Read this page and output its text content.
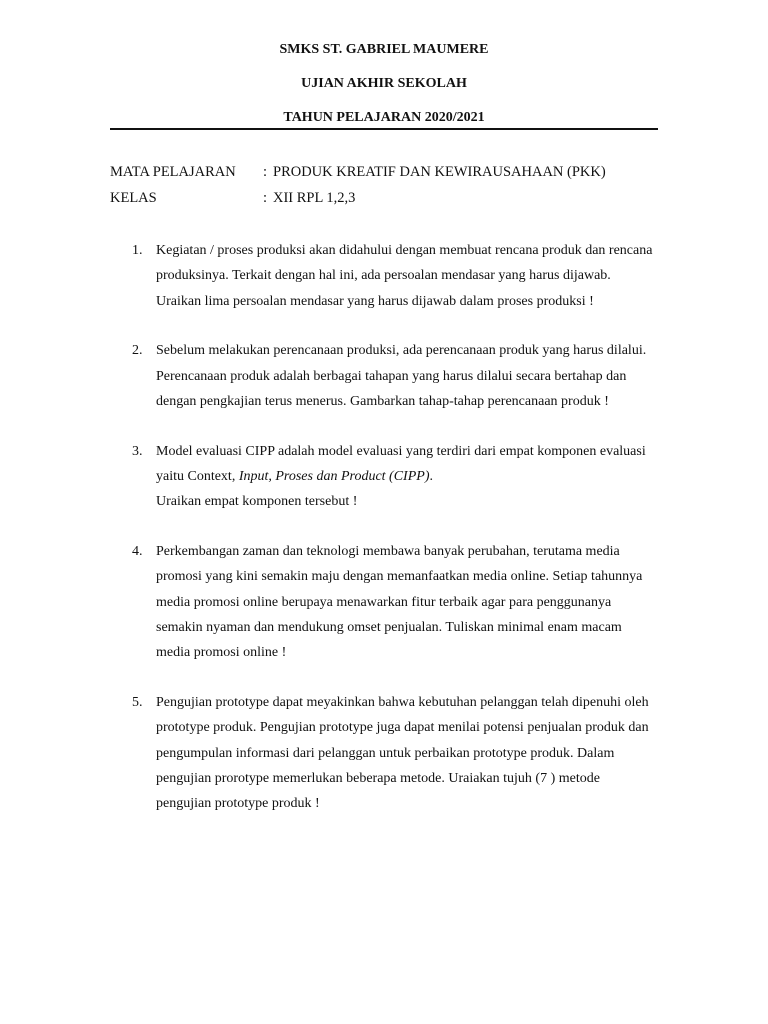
SMKS ST. GABRIEL MAUMERE
UJIAN AKHIR SEKOLAH
TAHUN PELAJARAN 2020/2021
MATA PELAJARAN	: PRODUK KREATIF DAN KEWIRAUSAHAAN (PKK)
KELAS	: XII RPL 1,2,3
1. Kegiatan / proses produksi akan didahului dengan membuat rencana produk dan rencana produksinya. Terkait dengan hal ini, ada persoalan mendasar yang harus dijawab. Uraikan lima persoalan mendasar yang harus dijawab dalam proses produksi !

2. Sebelum melakukan perencanaan produksi, ada perencanaan produk yang harus dilalui. Perencanaan produk adalah berbagai tahapan yang harus dilalui secara bertahap dan dengan pengkajian terus menerus. Gambarkan tahap-tahap perencanaan produk !

3. Model evaluasi CIPP adalah model evaluasi yang terdiri dari empat komponen evaluasi yaitu Context, Input, Proses dan Product (CIPP).

Uraikan empat komponen tersebut !

4. Perkembangan zaman dan teknologi membawa banyak perubahan, terutama media promosi yang kini semakin maju dengan memanfaatkan media online. Setiap tahunnya media promosi online berupaya menawarkan fitur terbaik agar para penggunanya semakin nyaman dan mendukung omset penjualan. Tuliskan minimal enam macam media promosi online !

5. Pengujian prototype dapat meyakinkan bahwa kebutuhan pelanggan telah dipenuhi oleh prototype produk. Pengujian prototype juga dapat menilai potensi penjualan produk dan pengumpulan informasi dari pelanggan untuk perbaikan prototype produk. Dalam pengujian prorotype memerlukan beberapa metode. Uraiakan tujuh (7 ) metode pengujian prototype produk !
